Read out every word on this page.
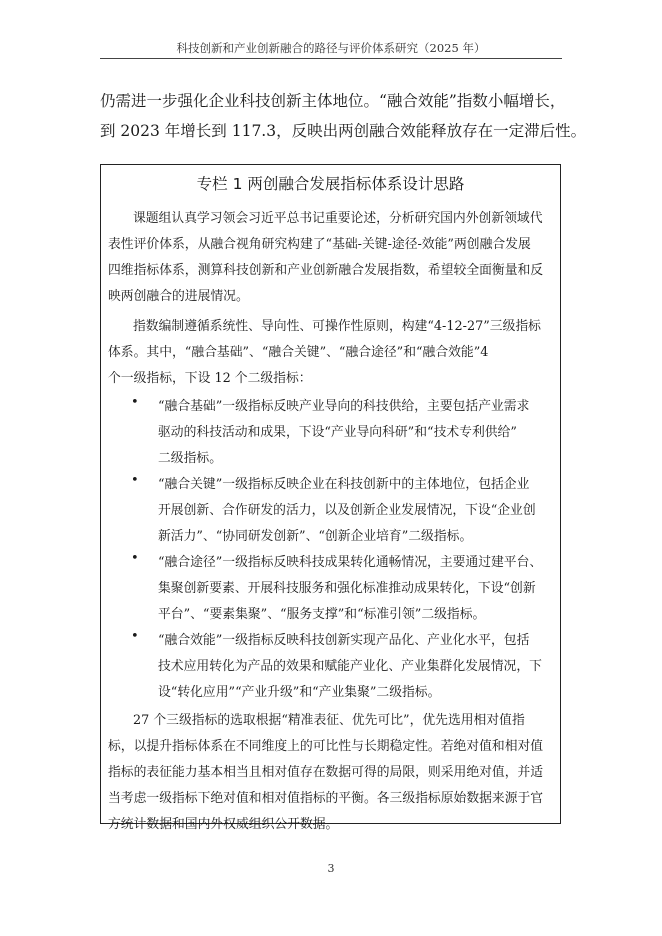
科技创新和产业创新融合的路径与评价体系研究（2025 年）
仍需进一步强化企业科技创新主体地位。“融合效能”指数小幅增长，
到 2023 年增长到 117.3，反映出两创融合效能释放存在一定滞后性。
专栏 1 两创融合发展指标体系设计思路
课题组认真学习领会习近平总书记重要论述，分析研究国内外创新领域代
表性评价体系，从融合视角研究构建了“基础-关键-途径-效能”两创融合发展
四维指标体系，测算科技创新和产业创新融合发展指数，希望较全面衡量和反
映两创融合的进展情况。
指数编制遵循系统性、导向性、可操作性原则，构建“4-12-27”三级指标
体系。其中，“融合基础”、“融合关键”、“融合途径”和“融合效能”4
个一级指标，下设 12 个二级指标：
• “融合基础”一级指标反映产业导向的科技供给，主要包括产业需求
驱动的科技活动和成果，下设“产业导向科研”和“技术专利供给”
二级指标。
• “融合关键”一级指标反映企业在科技创新中的主体地位，包括企业
开展创新、合作研发的活力，以及创新企业发展情况，下设“企业创
新活力”、“协同研发创新”、“创新企业培育”二级指标。
• “融合途径”一级指标反映科技成果转化通畅情况，主要通过建平台、
集聚创新要素、开展科技服务和强化标准推动成果转化，下设“创新
平台”、“要素集聚”、“服务支撑”和“标准引领”二级指标。
• “融合效能”一级指标反映科技创新实现产品化、产业化水平，包括
技术应用转化为产品的效果和赋能产业化、产业集群化发展情况，下
设“转化应用”“产业升级”和“产业集聚”二级指标。
27 个三级指标的选取根据“精准表征、优先可比”，优先选用相对值指
标，以提升指标体系在不同维度上的可比性与长期稳定性。若绝对值和相对值
指标的表征能力基本相当且相对值存在数据可得的局限，则采用绝对值，并适
当考虑一级指标下绝对值和相对值指标的平衡。各三级指标原始数据来源于官
方统计数据和国内外权威组织公开数据。
3
